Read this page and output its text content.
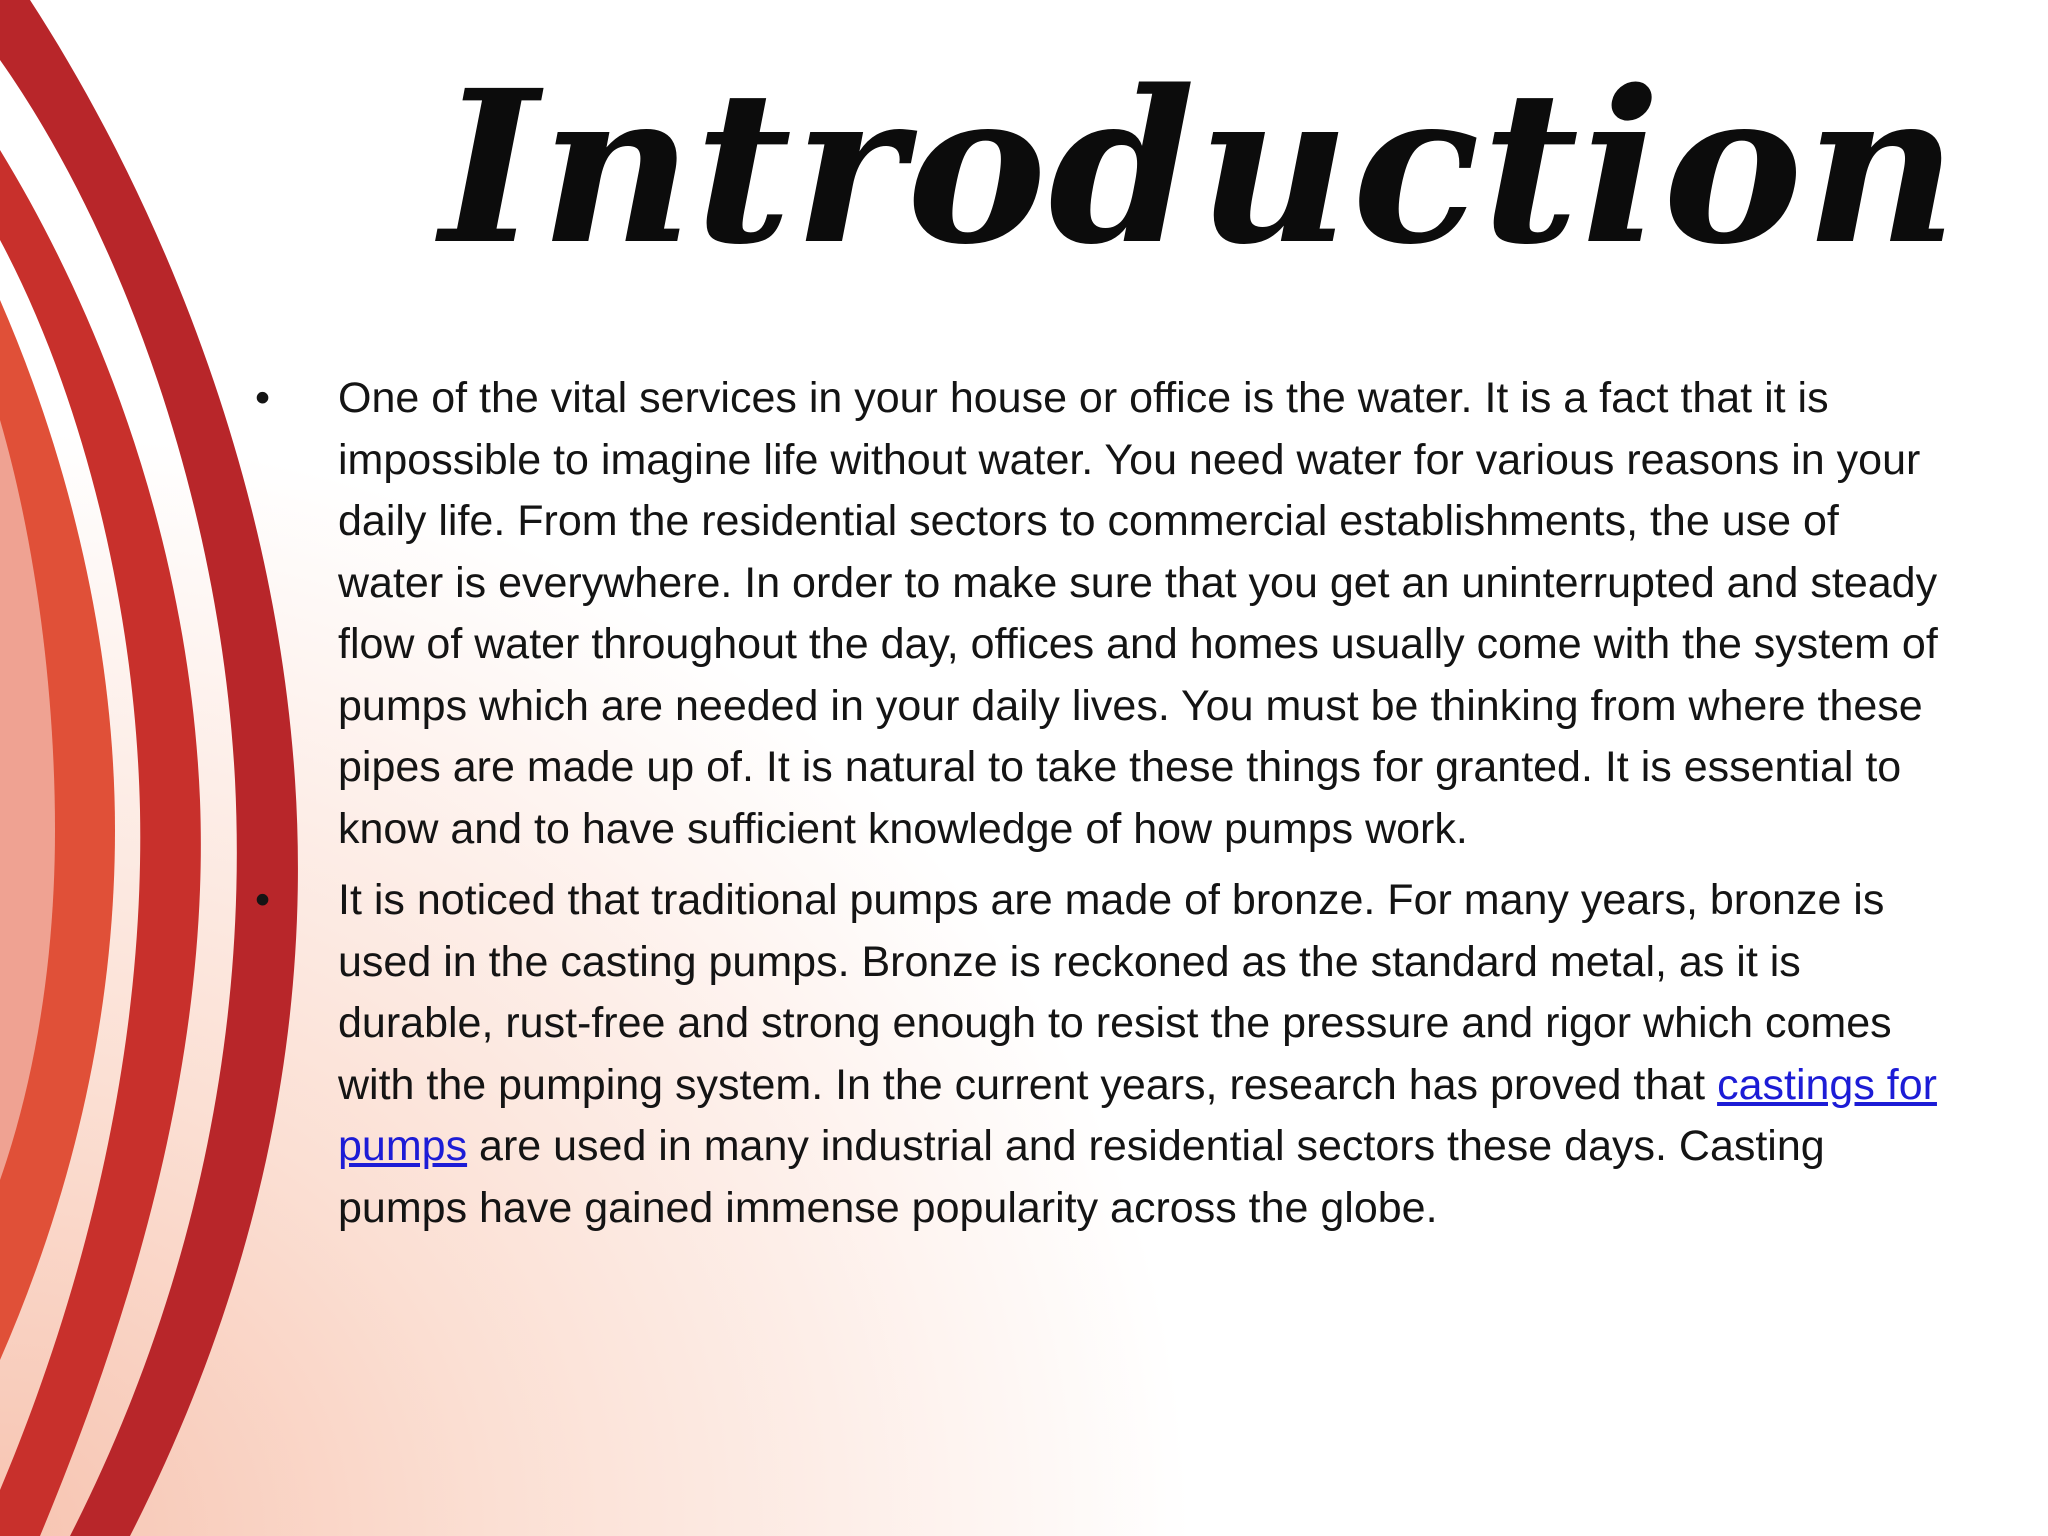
Introduction
•	One of the vital services in your house or office is the water. It is a fact that it is impossible to imagine life without water. You need water for various reasons in your daily life. From the residential sectors to commercial establishments, the use of water is everywhere. In order to make sure that you get an uninterrupted and steady flow of water throughout the day, offices and homes usually come with the system of pumps which are needed in your daily lives. You must be thinking from where these pipes are made up of. It is natural to take these things for granted. It is essential to know and to have sufficient knowledge of how pumps work.
•	It is noticed that traditional pumps are made of bronze. For many years, bronze is used in the casting pumps. Bronze is reckoned as the standard metal, as it is durable, rust-free and strong enough to resist the pressure and rigor which comes with the pumping system. In the current years, research has proved that castings for pumps are used in many industrial and residential sectors these days. Casting pumps have gained immense popularity across the globe.
